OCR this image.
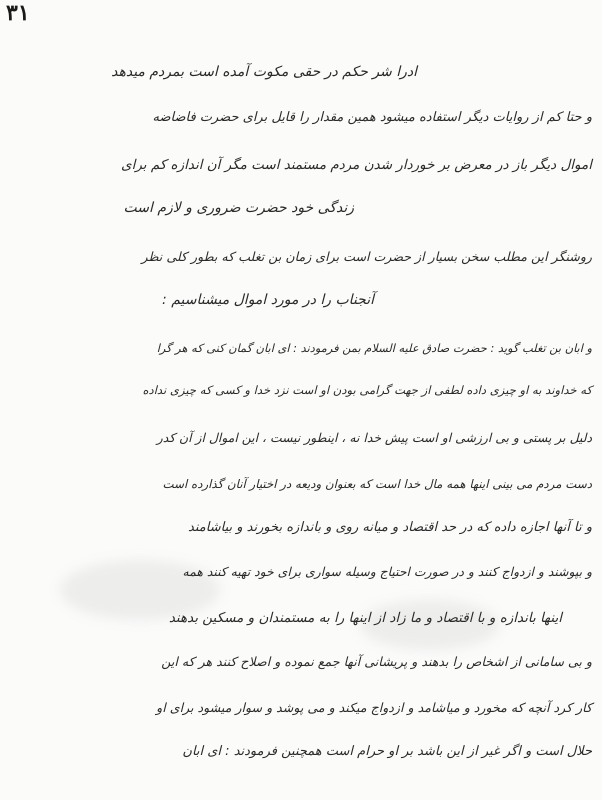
۳۱
ادرا شر حکم در حقی مکوت آمده است بمردم میدهد
و حتا کم از روایات دیگر استفاده میشود همین مقدار را قایل برای حضرت فاضاضه
اموال دیگر باز در معرض بر خوردار شدن مردم مستمند است مگر آن اندازه کم برای
زندگی خود حضرت ضروری و لازم است
روشنگر این مطلب سخن بسیار از حضرت است برای زمان بن تغلب که بطور کلی نظر
آنجناب را در مورد اموال میشناسیم :
و ابان بن تغلب گوید : حضرت صادق علیه السلام بمن فرمودند : ای ابان گمان کنی که هر گرا
که خداوند به او چیزی داده لطفی از جهت گرامی بودن او است نزد خدا و کسی که چیزی نداده
دلیل بر پستی و بی ارزشی او است پیش خدا نه ، اینطور نیست ، این اموال از آن کدر
دست مردم می بینی اینها همه مال خدا است که بعنوان ودیعه در اختیار آنان گذارده است
و تا آنها اجازه داده که در حد اقتصاد و میانه روی و باندازه بخورند و بیاشامند
و بپوشند و ازدواج کنند و در صورت احتیاج وسیله سواری برای خود تهیه کنند همه
اینها باندازه و با اقتصاد و ما زاد از اینها را به مستمندان و مسکین بدهند
و بی سامانی از اشخاص را بدهند و پریشانی آنها جمع نموده و اصلاح کنند هر که این
کار کرد آنچه که مخورد و میاشامد و ازدواج میکند و می پوشد و سوار میشود برای او
حلال است و اگر غیر از این باشد بر او حرام است همچنین فرمودند : ای ابان
